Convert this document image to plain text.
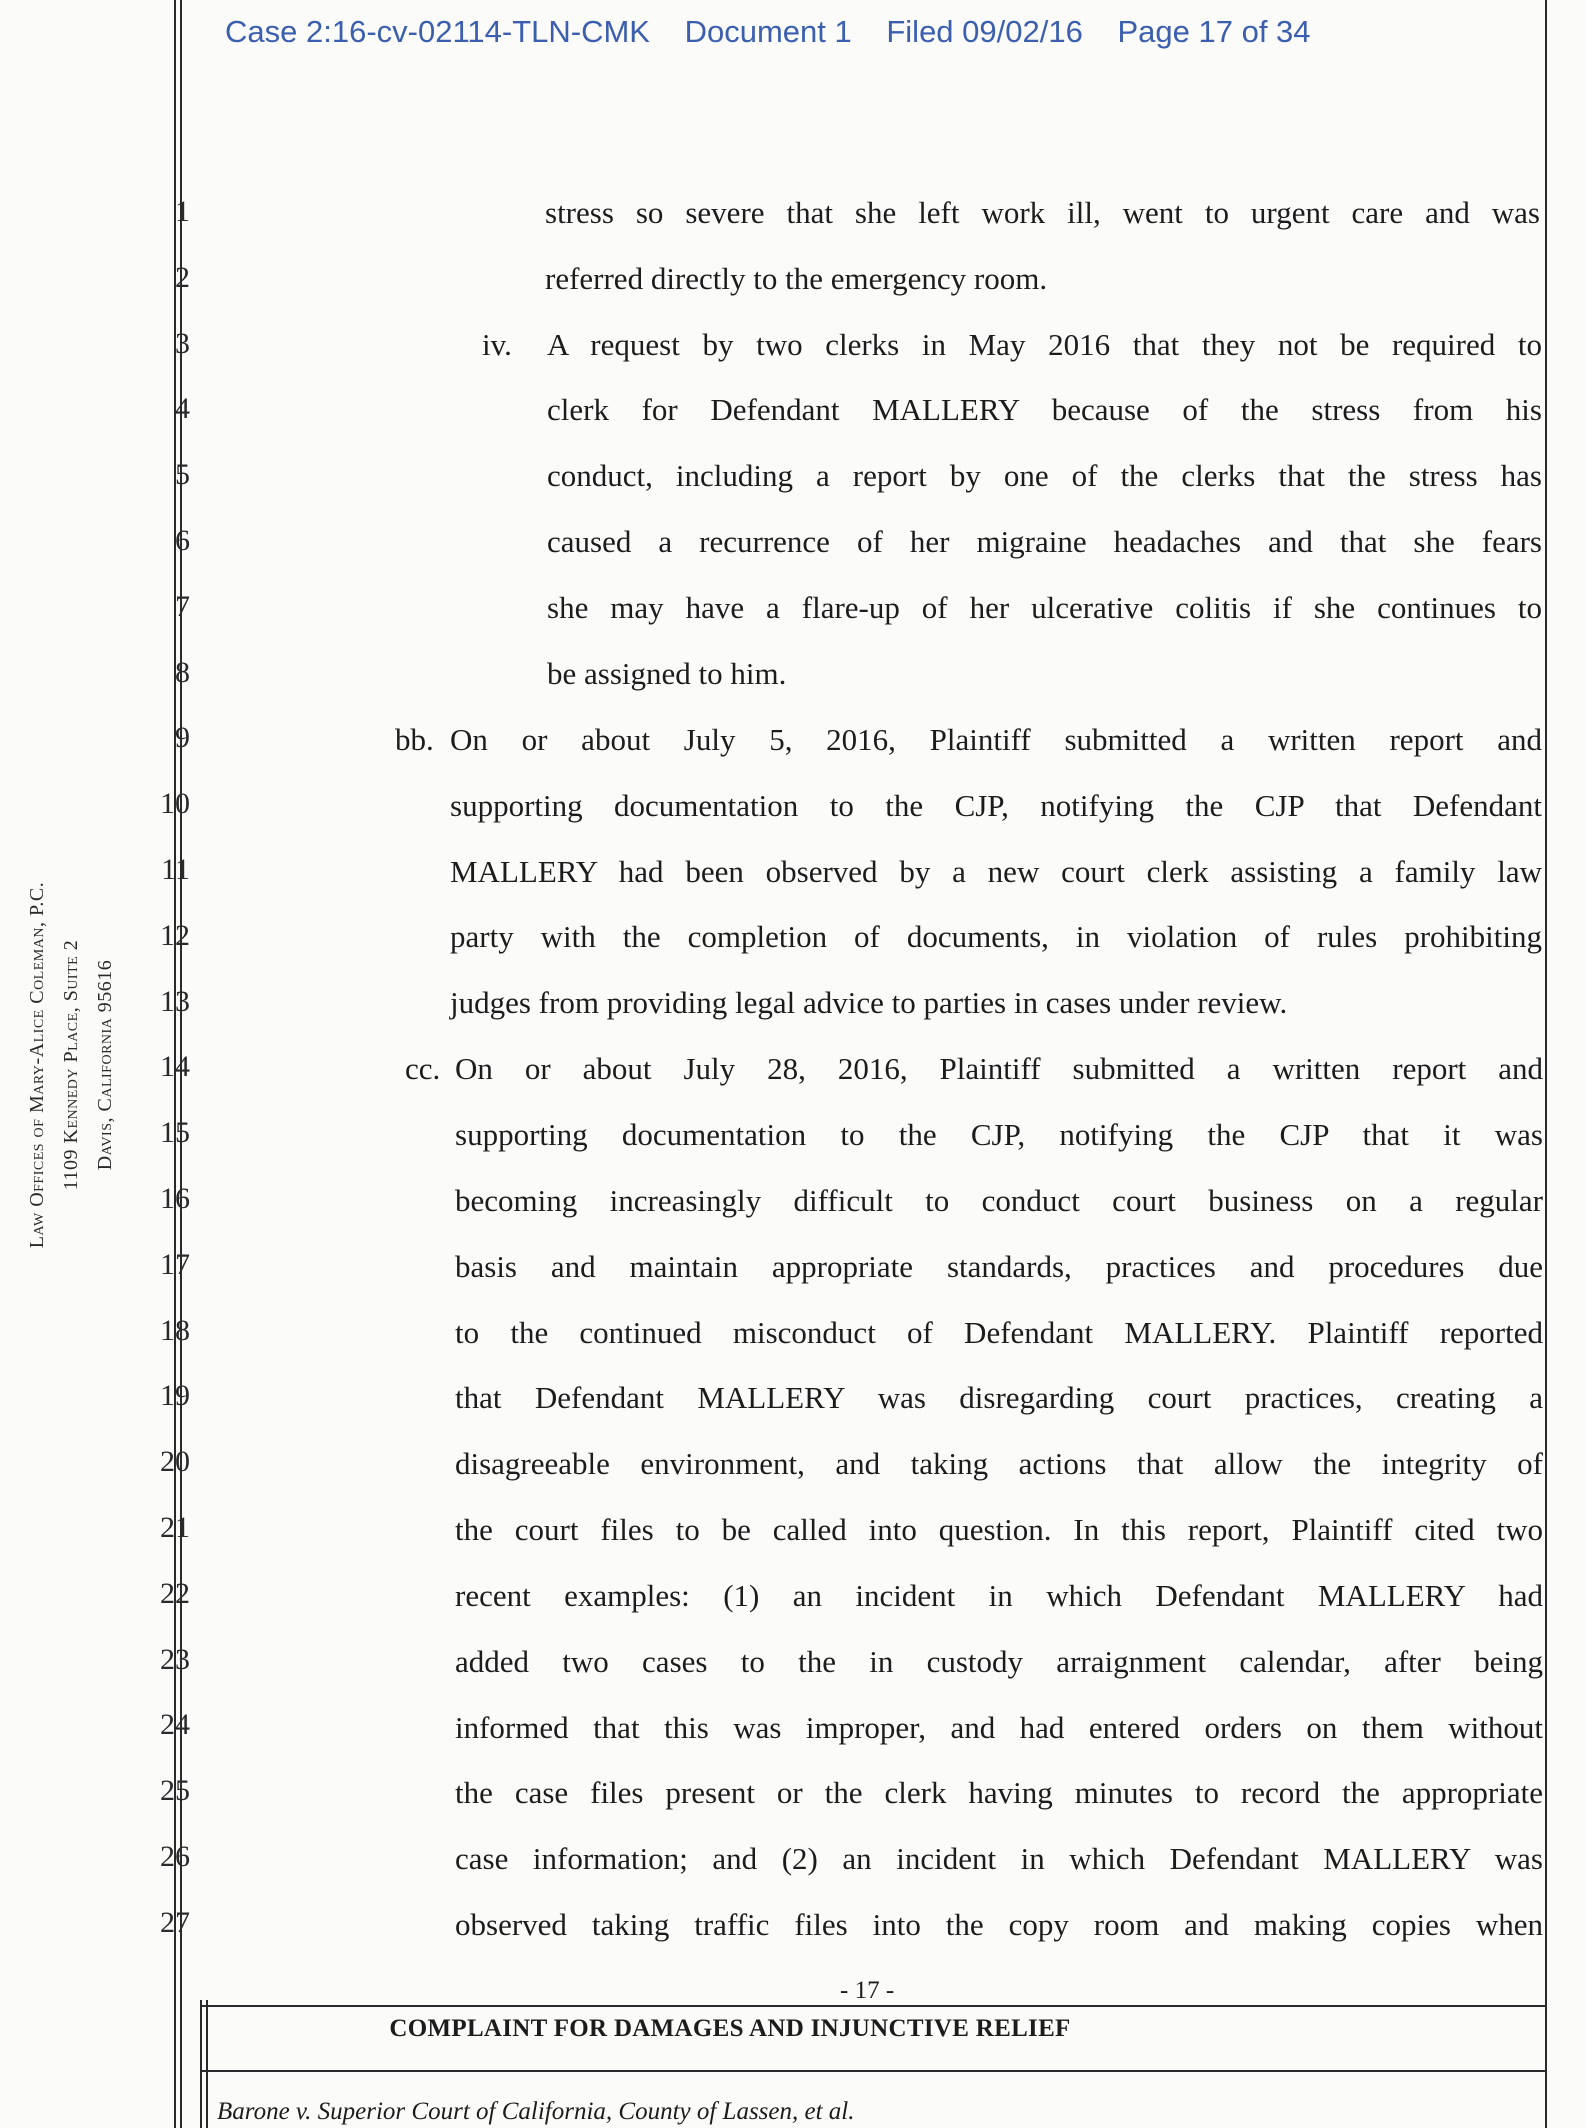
Case 2:16-cv-02114-TLN-CMK Document 1 Filed 09/02/16 Page 17 of 34
Law Offices of Mary-Alice Coleman, P.C. 1109 Kennedy Place, Suite 2 Davis, California 95616
1
2
3
4
5
6
7
8
9
10
11
12
13
14
15
16
17
18
19
20
21
22
23
24
25
26
27
stress so severe that she left work ill, went to urgent care and was
referred directly to the emergency room.
iv. A request by two clerks in May 2016 that they not be required to
clerk for Defendant MALLERY because of the stress from his
conduct, including a report by one of the clerks that the stress has
caused a recurrence of her migraine headaches and that she fears
she may have a flare-up of her ulcerative colitis if she continues to
be assigned to him.
bb. On or about July 5, 2016, Plaintiff submitted a written report and
supporting documentation to the CJP, notifying the CJP that Defendant
MALLERY had been observed by a new court clerk assisting a family law
party with the completion of documents, in violation of rules prohibiting
judges from providing legal advice to parties in cases under review.
cc. On or about July 28, 2016, Plaintiff submitted a written report and
supporting documentation to the CJP, notifying the CJP that it was
becoming increasingly difficult to conduct court business on a regular
basis and maintain appropriate standards, practices and procedures due
to the continued misconduct of Defendant MALLERY. Plaintiff reported
that Defendant MALLERY was disregarding court practices, creating a
disagreeable environment, and taking actions that allow the integrity of
the court files to be called into question. In this report, Plaintiff cited two
recent examples: (1) an incident in which Defendant MALLERY had
added two cases to the in custody arraignment calendar, after being
informed that this was improper, and had entered orders on them without
the case files present or the clerk having minutes to record the appropriate
case information; and (2) an incident in which Defendant MALLERY was
observed taking traffic files into the copy room and making copies when
- 17 -
COMPLAINT FOR DAMAGES AND INJUNCTIVE RELIEF
Barone v. Superior Court of California, County of Lassen, et al.
